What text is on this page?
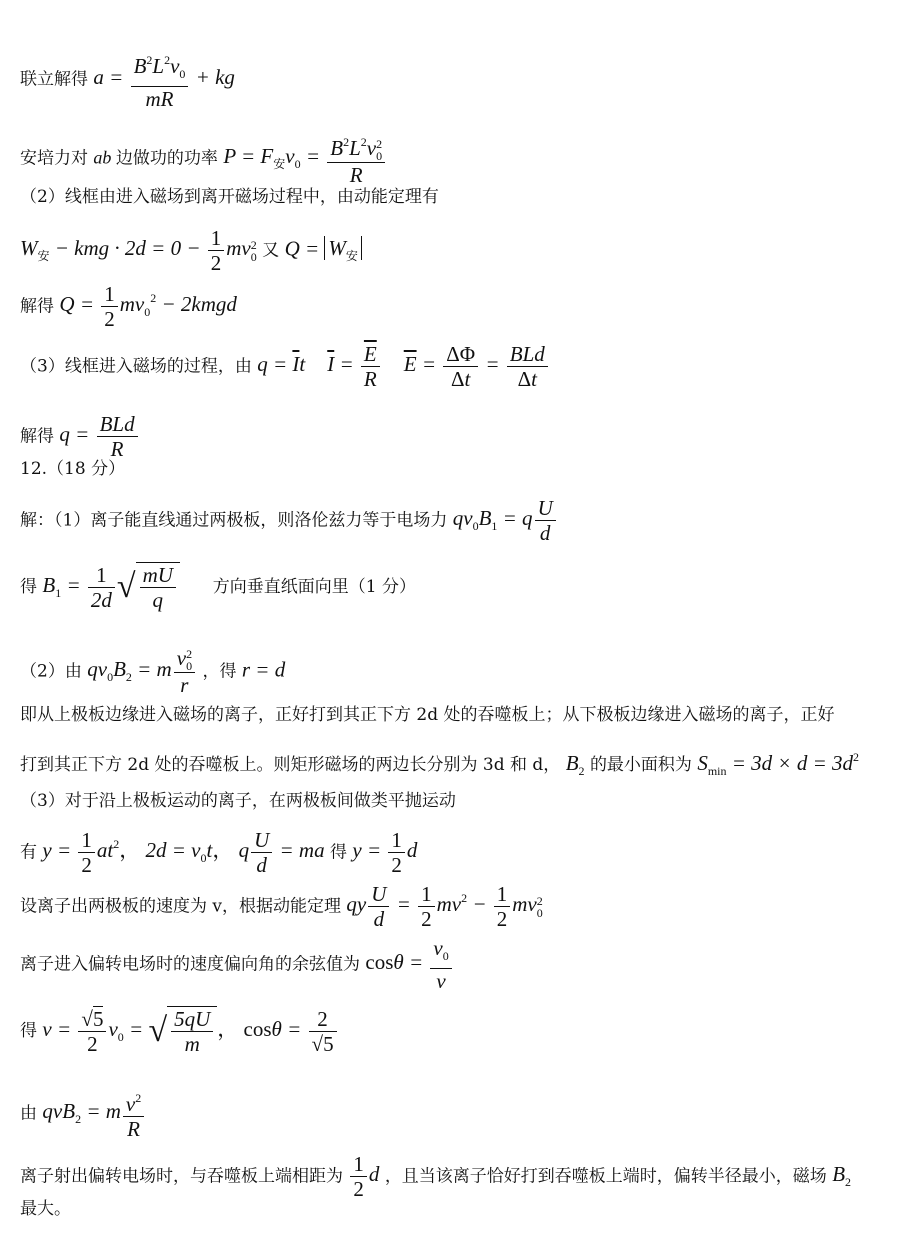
联立解得 $a = \frac{B^2L^2v_0}{mR}$ + kg
安培力对 ab 边做功的功率 $P = F_安v_0 = B^2L^2v$ 2
0
R
（2）线框由进入磁场到离开磁场过程中，由动能定理有
$W_安$ − kmg · $2d = 0 - \frac{1}{2}$ mv 2
0 又 $Q = W_安$
解得 $Q = \frac{1}{2} mv_0^2$ − 2kmgd
（3）线框进入磁场的过程，由 $q = \overline{I}t$ $\overline{I} = \frac{\overline{E}}{R} \overline{E} = \frac{\Delta\Phi}{\Delta t} = \frac{\text{BLd}}{\Delta t}$
解得 $q = \frac{\text{BLd}}{R}$
12.（18 分）
解：（1）离子能直线通过两极板，则洛伦兹力等于电场力 $qv_0B_1 = q \frac{U}{d}$
得 $B_1 = \frac{1}{2d}$ √ $\frac{mU}{q}$ 方向垂直纸面向里（1 分）
（2）由 $qv_0B_2 = m$ v 2
0
r ，得 r = d
即从上极板边缘进入磁场的离子，正好打到其正下方 2d 处的吞噬板上；从下极板边缘进入磁场的离子，正好
打到其正下方 2d 处的吞噬板上。则矩形磁场的两边长分别为 3d 和 d， $B_2$ 的最小面积为 $S_{min} = 3d \times d = 3d^2$
（3）对于沿上极板运动的离子，在两极板间做类平抛运动
有 $y = \frac{1}{2} at^2$， $2d = v_0t$， q $\frac{U}{d}$ = ma 得 $y = \frac{1}{2}$ d
设离子出两极板的速度为 v，根据动能定理 qy $\frac{U}{d} = \frac{1}{2} mv^2 - \frac{1}{2}$ mv 2
0
离子进入偏转电场时的速度偏向角的余弦值为 $\cos\theta = \frac{v_0}{v}$
得 $v = \frac{√5}{2} v_0$ = √ $\frac{5qU}{m}$ ， $\cos\theta = \frac{2}{√5}$
由 qvB$_2$ = m $\frac{v^2}{R}$
离子射出偏转电场时，与吞噬板上端相距为 $\frac{1}{2}$ d ，且当该离子恰好打到吞噬板上端时，偏转半径最小，磁场 $B_2$
最大。
